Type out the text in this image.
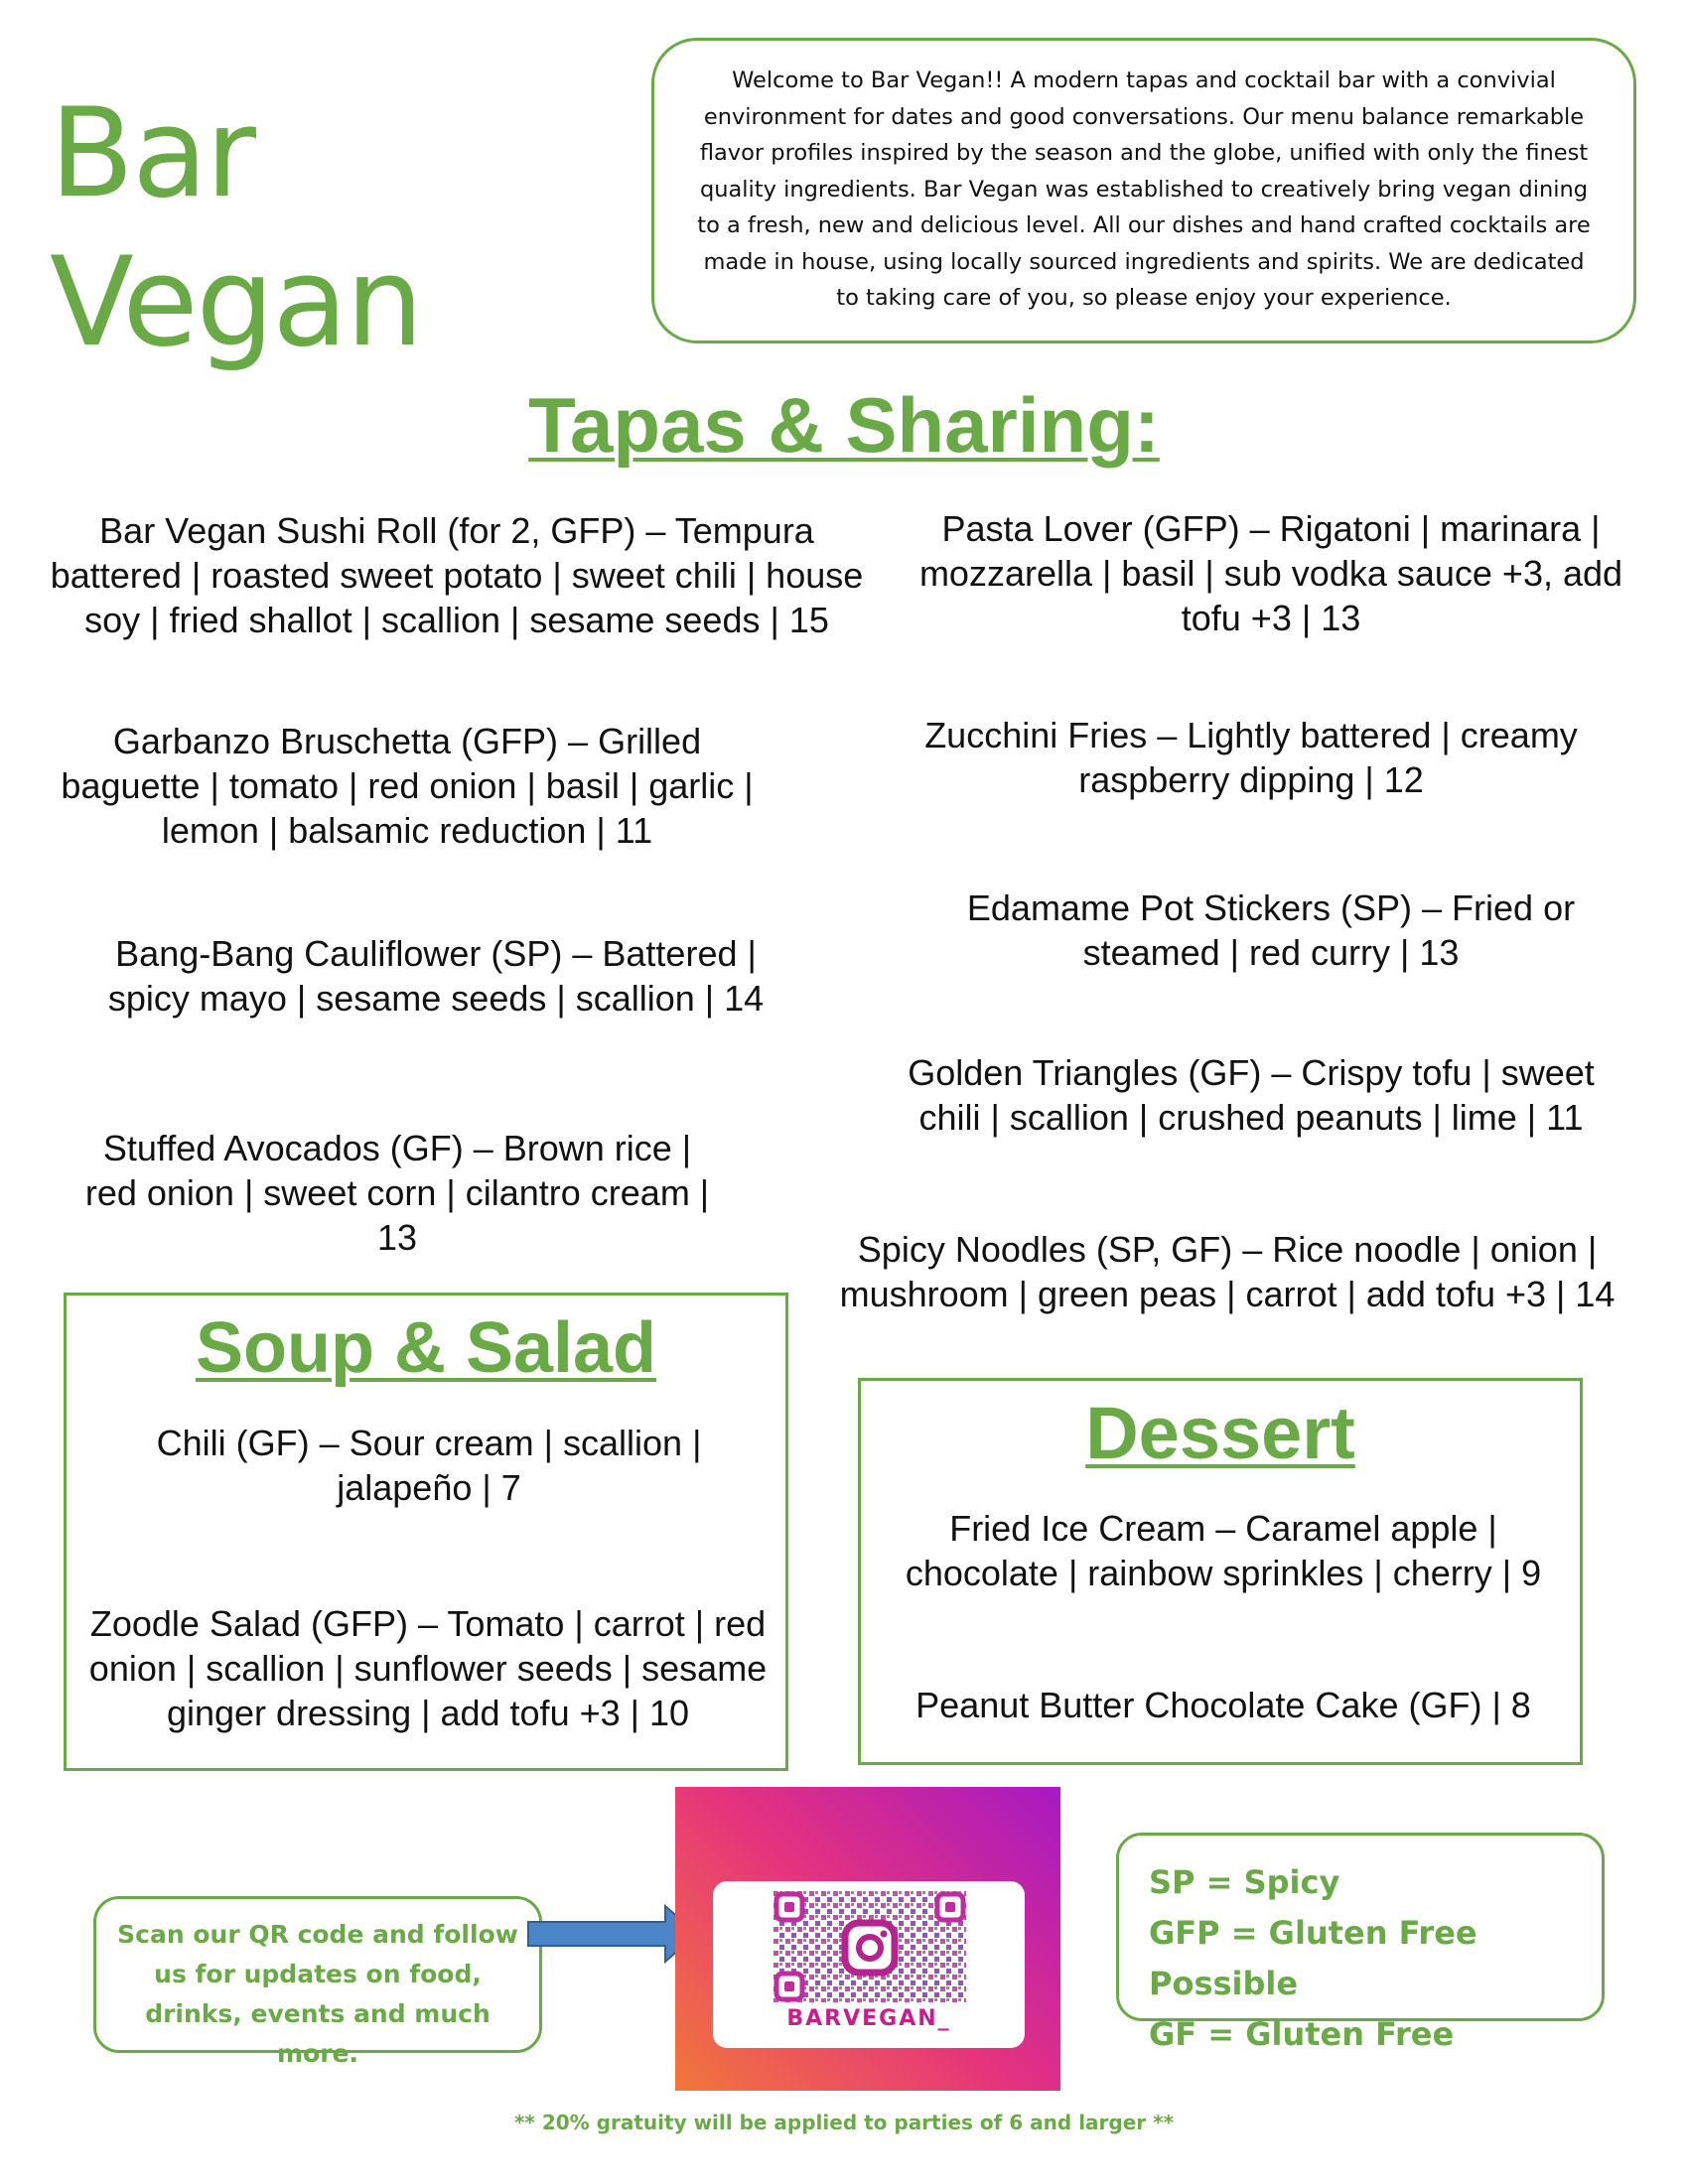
Bar Vegan
Welcome to Bar Vegan!! A modern tapas and cocktail bar with a convivial environment for dates and good conversations. Our menu balance remarkable flavor profiles inspired by the season and the globe, unified with only the finest quality ingredients. Bar Vegan was established to creatively bring vegan dining to a fresh, new and delicious level. All our dishes and hand crafted cocktails are made in house, using locally sourced ingredients and spirits. We are dedicated to taking care of you, so please enjoy your experience.
Tapas & Sharing:
Bar Vegan Sushi Roll (for 2, GFP) – Tempura battered | roasted sweet potato | sweet chili | house soy | fried shallot | scallion | sesame seeds | 15
Garbanzo Bruschetta (GFP) – Grilled baguette | tomato | red onion | basil | garlic | lemon | balsamic reduction | 11
Bang-Bang Cauliflower (SP) – Battered | spicy mayo | sesame seeds | scallion | 14
Stuffed Avocados (GF) – Brown rice | red onion | sweet corn | cilantro cream | 13
Pasta Lover (GFP) – Rigatoni | marinara | mozzarella | basil | sub vodka sauce +3, add tofu +3 | 13
Zucchini Fries – Lightly battered | creamy raspberry dipping | 12
Edamame Pot Stickers (SP) – Fried or steamed | red curry | 13
Golden Triangles (GF) – Crispy tofu | sweet chili | scallion | crushed peanuts | lime | 11
Spicy Noodles (SP, GF) – Rice noodle | onion | mushroom | green peas | carrot | add tofu +3 | 14
Soup & Salad
Chili (GF) – Sour cream | scallion | jalapeño | 7
Zoodle Salad (GFP) – Tomato | carrot | red onion | scallion | sunflower seeds | sesame ginger dressing | add tofu +3 | 10
Dessert
Fried Ice Cream – Caramel apple | chocolate | rainbow sprinkles | cherry | 9
Peanut Butter Chocolate Cake (GF) | 8
Scan our QR code and follow us for updates on food, drinks, events and much more.
BARVEGAN_
SP = Spicy
GFP = Gluten Free Possible
GF = Gluten Free
** 20% gratuity will be applied to parties of 6 and larger **
